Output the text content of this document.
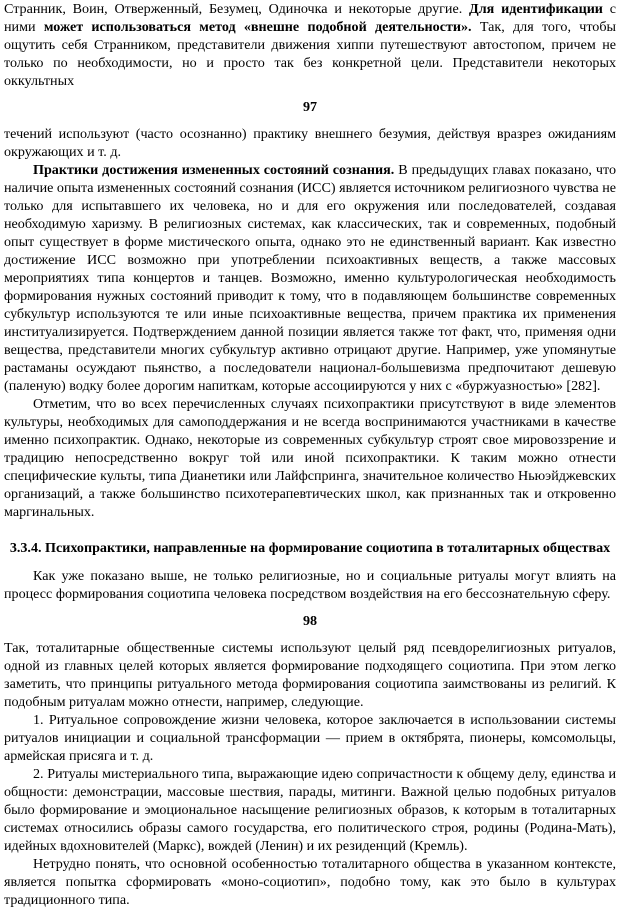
Странник, Воин, Отверженный, Безумец, Одиночка и некоторые другие. Для идентификации с ними может использоваться метод «внешне подобной деятельности». Так, для того, чтобы ощутить себя Странником, представители движения хиппи путешествуют автостопом, причем не только по необходимости, но и просто так без конкретной цели. Представители некоторых оккультных

97

течений используют (часто осознанно) практику внешнего безумия, действуя вразрез ожиданиям окружающих и т. д.

Практики достижения измененных состояний сознания. В предыдущих главах показано, что наличие опыта измененных состояний сознания (ИСС) является источником религиозного чувства не только для испытавшего их человека, но и для его окружения или последователей, создавая необходимую харизму. В религиозных системах, как классических, так и современных, подобный опыт существует в форме мистического опыта, однако это не единственный вариант. Как известно достижение ИСС возможно при употреблении психоактивных веществ, а также массовых мероприятиях типа концертов и танцев. Возможно, именно культурологическая необходимость формирования нужных состояний приводит к тому, что в подавляющем большинстве современных субкультур используются те или иные психоактивные вещества, причем практика их применения институализируется. Подтверждением данной позиции является также тот факт, что, применяя одни вещества, представители многих субкультур активно отрицают другие. Например, уже упомянутые растаманы осуждают пьянство, а последователи национал-большевизма предпочитают дешевую (паленую) водку более дорогим напиткам, которые ассоциируются у них с «буржуазностью» [282].

Отметим, что во всех перечисленных случаях психопрактики присутствуют в виде элементов культуры, необходимых для самоподдержания и не всегда воспринимаются участниками в качестве именно психопрактик. Однако, некоторые из современных субкультур строят свое мировоззрение и традицию непосредственно вокруг той или иной психопрактики. К таким можно отнести специфические культы, типа Дианетики или Лайфспринга, значительное количество Ньюэйджевских организаций, а также большинство психотерапевтических школ, как признанных так и откровенно маргинальных.

3.3.4. Психопрактики, направленные на формирование социотипа в тоталитарных обществах

Как уже показано выше, не только религиозные, но и социальные ритуалы могут влиять на процесс формирования социотипа человека посредством воздействия на его бессознательную сферу.

98

Так, тоталитарные общественные системы используют целый ряд псевдорелигиозных ритуалов, одной из главных целей которых является формирование подходящего социотипа. При этом легко заметить, что принципы ритуального метода формирования социотипа заимствованы из религий. К подобным ритуалам можно отнести, например, следующие.

1. Ритуальное сопровождение жизни человека, которое заключается в использовании системы ритуалов инициации и социальной трансформации — прием в октябрята, пионеры, комсомольцы, армейская присяга и т. д.

2. Ритуалы мистериального типа, выражающие идею сопричастности к общему делу, единства и общности: демонстрации, массовые шествия, парады, митинги. Важной целью подобных ритуалов было формирование и эмоциональное насыщение религиозных образов, к которым в тоталитарных системах относились образы самого государства, его политического строя, родины (Родина-Мать), идейных вдохновителей (Маркс), вождей (Ленин) и их резиденций (Кремль).

Нетрудно понять, что основной особенностью тоталитарного общества в указанном контексте, является попытка сформировать «моно-социотип», подобно тому, как это было в культурах традиционного типа.
